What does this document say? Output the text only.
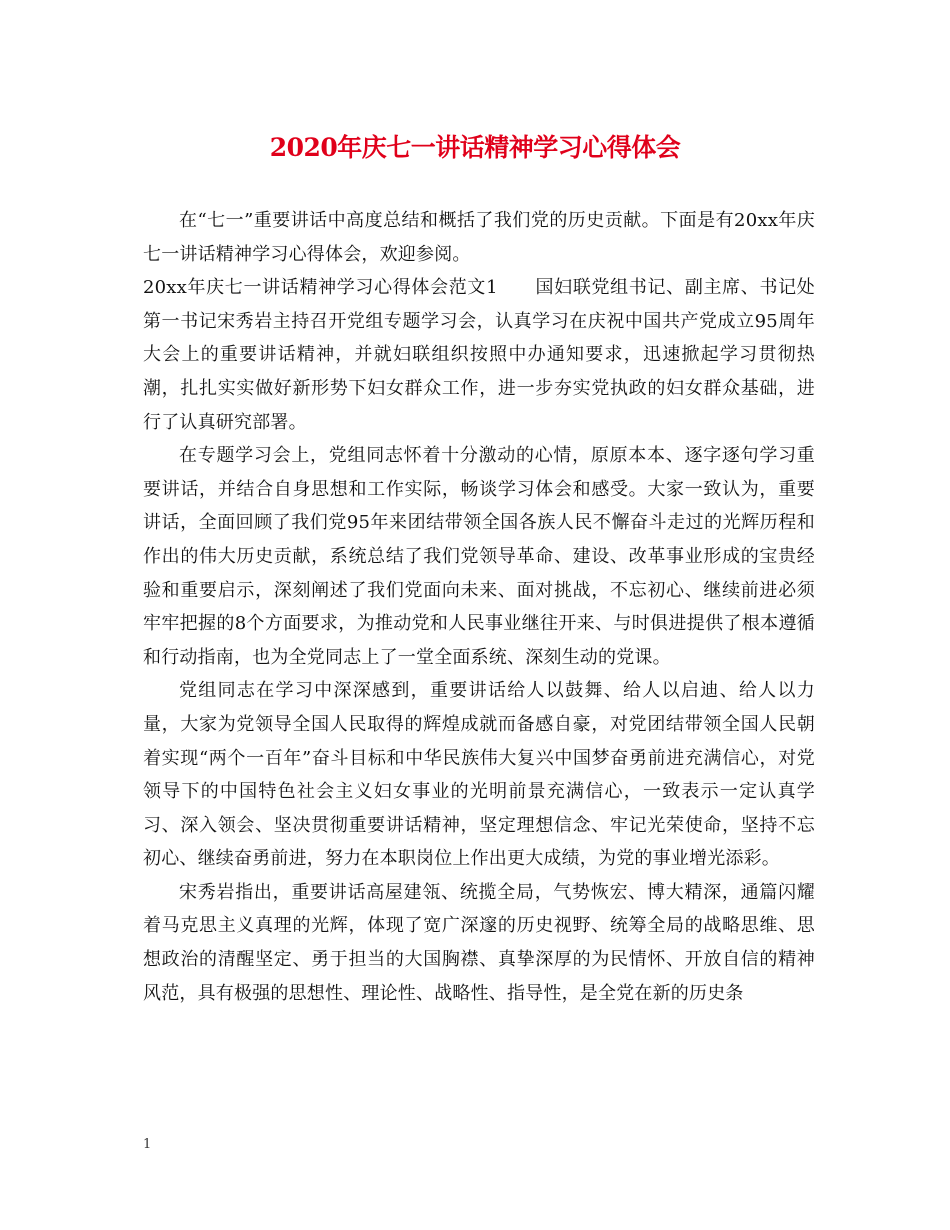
2020年庆七一讲话精神学习心得体会

在“七一”重要讲话中高度总结和概括了我们党的历史贡献。下面是有20xx年庆七一讲话精神学习心得体会，欢迎参阅。

20xx年庆七一讲话精神学习心得体会范文1　　国妇联党组书记、副主席、书记处第一书记宋秀岩主持召开党组专题学习会，认真学习在庆祝中国共产党成立95周年大会上的重要讲话精神，并就妇联组织按照中办通知要求，迅速掀起学习贯彻热潮，扎扎实实做好新形势下妇女群众工作，进一步夯实党执政的妇女群众基础，进行了认真研究部署。

在专题学习会上，党组同志怀着十分激动的心情，原原本本、逐字逐句学习重要讲话，并结合自身思想和工作实际，畅谈学习体会和感受。大家一致认为，重要讲话，全面回顾了我们党95年来团结带领全国各族人民不懈奋斗走过的光辉历程和作出的伟大历史贡献，系统总结了我们党领导革命、建设、改革事业形成的宝贵经验和重要启示，深刻阐述了我们党面向未来、面对挑战，不忘初心、继续前进必须牢牢把握的8个方面要求，为推动党和人民事业继往开来、与时俱进提供了根本遵循和行动指南，也为全党同志上了一堂全面系统、深刻生动的党课。

党组同志在学习中深深感到，重要讲话给人以鼓舞、给人以启迪、给人以力量，大家为党领导全国人民取得的辉煌成就而备感自豪，对党团结带领全国人民朝着实现“两个一百年”奋斗目标和中华民族伟大复兴中国梦奋勇前进充满信心，对党领导下的中国特色社会主义妇女事业的光明前景充满信心，一致表示一定认真学习、深入领会、坚决贯彻重要讲话精神，坚定理想信念、牢记光荣使命，坚持不忘初心、继续奋勇前进，努力在本职岗位上作出更大成绩，为党的事业增光添彩。

宋秀岩指出，重要讲话高屋建瓴、统揽全局，气势恢宏、博大精深，通篇闪耀着马克思主义真理的光辉，体现了宽广深邃的历史视野、统筹全局的战略思维、思想政治的清醒坚定、勇于担当的大国胸襟、真挚深厚的为民情怀、开放自信的精神风范，具有极强的思想性、理论性、战略性、指导性，是全党在新的历史条

1
